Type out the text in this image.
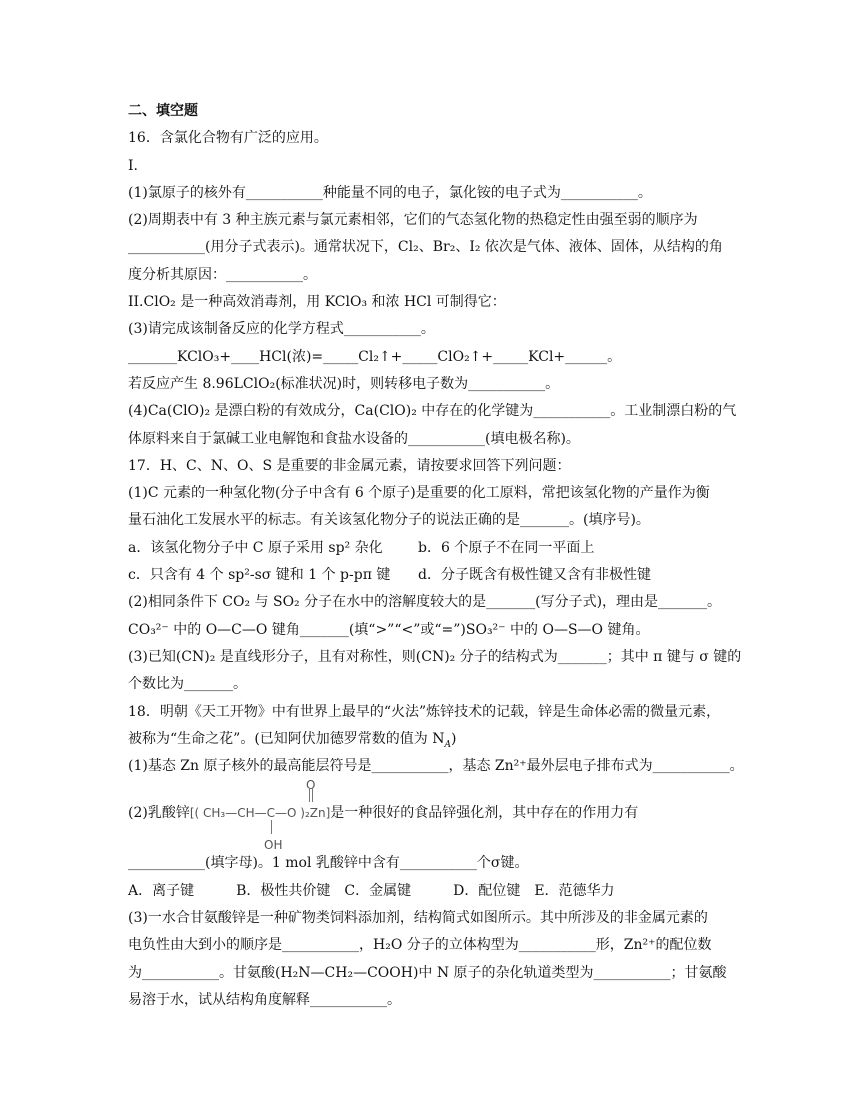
二、填空题
16．含氯化合物有广泛的应用。
I.
(1)氯原子的核外有___________种能量不同的电子，氯化铵的电子式为___________。
(2)周期表中有 3 种主族元素与氯元素相邻，它们的气态氢化物的热稳定性由强至弱的顺序为
___________(用分子式表示)。通常状况下，Cl₂、Br₂、I₂ 依次是气体、液体、固体，从结构的角
度分析其原因：___________。
II.ClO₂ 是一种高效消毒剂，用 KClO₃ 和浓 HCl 可制得它：
(3)请完成该制备反应的化学方程式___________。
_______KClO₃+____HCl(浓)=_____Cl₂↑+_____ClO₂↑+_____KCl+______。
若反应产生 8.96LClO₂(标准状况)时，则转移电子数为___________。
(4)Ca(ClO)₂ 是漂白粉的有效成分，Ca(ClO)₂ 中存在的化学键为___________。工业制漂白粉的气
体原料来自于氯碱工业电解饱和食盐水设备的___________(填电极名称)。
17．H、C、N、O、S 是重要的非金属元素，请按要求回答下列问题：
(1)C 元素的一种氢化物(分子中含有 6 个原子)是重要的化工原料，常把该氢化物的产量作为衡
量石油化工发展水平的标志。有关该氢化物分子的说法正确的是_______。(填序号)。
a．该氢化物分子中 C 原子采用 sp² 杂化	b．6 个原子不在同一平面上
c．只含有 4 个 sp²-sσ 键和 1 个 p-pπ 键 d．分子既含有极性键又含有非极性键
(2)相同条件下 CO₂ 与 SO₂ 分子在水中的溶解度较大的是_______(写分子式)，理由是_______。
CO₃²⁻ 中的 O—C—O 键角_______(填“>”“<”或“=”)SO₃²⁻ 中的 O—S—O 键角。
(3)已知(CN)₂ 是直线形分子，且有对称性，则(CN)₂ 分子的结构式为_______；其中 π 键与 σ 键的
个数比为_______。
18．明朝《天工开物》中有世界上最早的“火法”炼锌技术的记载，锌是生命体必需的微量元素，
被称为“生命之花”。(已知阿伏加德罗常数的值为 $N_A$)
(1)基态 Zn 原子核外的最高能层符号是___________，基态 Zn²⁺最外层电子排布式为___________。
O
(2)乳酸锌[( CH₃—CH—C—O )₂Zn]是一种很好的食品锌强化剂，其中存在的作用力有
OH
___________(填字母)。1 mol 乳酸锌中含有___________个σ键。
A．离子键　　　B．极性共价键　C．金属键　　　D．配位键　E．范德华力
(3)一水合甘氨酸锌是一种矿物类饲料添加剂，结构简式如图所示。其中所涉及的非金属元素的
电负性由大到小的顺序是___________，H₂O 分子的立体构型为___________形，Zn²⁺的配位数
为___________。甘氨酸(H₂N—CH₂—COOH)中 N 原子的杂化轨道类型为___________；甘氨酸
易溶于水，试从结构角度解释___________。
